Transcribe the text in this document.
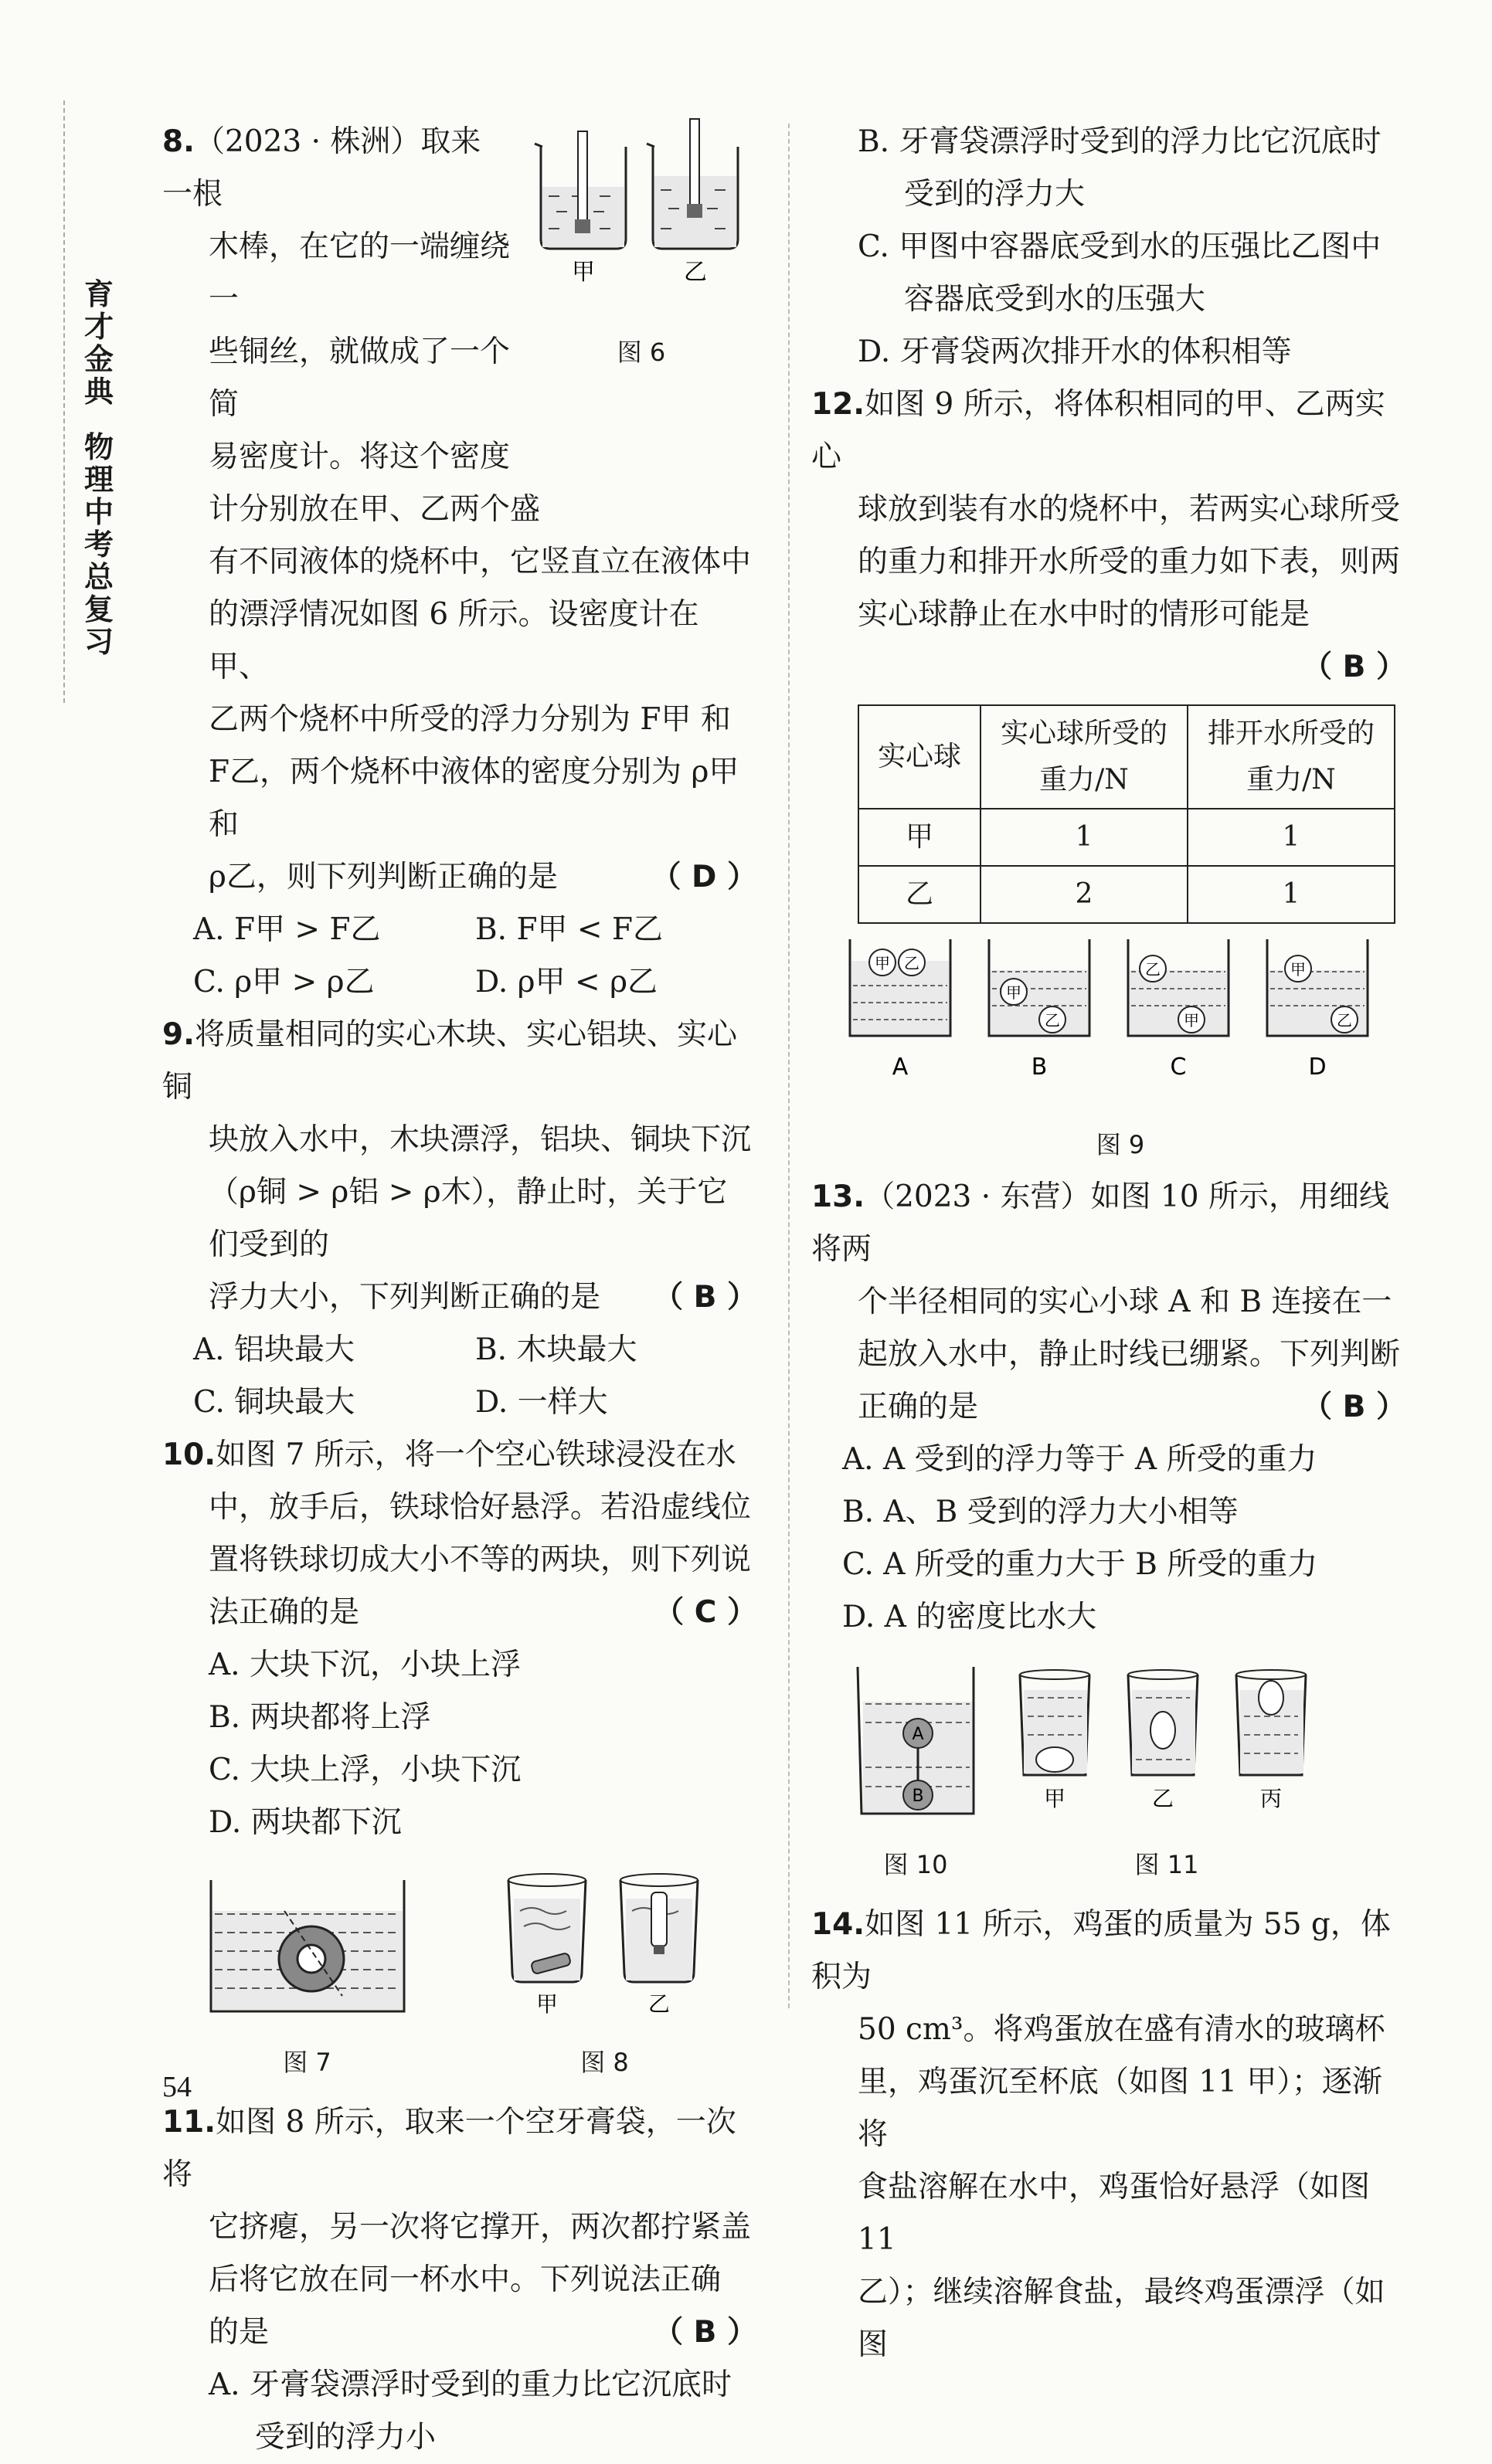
育
才
金
典
物
理
中
考
总
复
习
甲	乙
图 6
8.（2023 · 株洲）取来一根
木棒，在它的一端缠绕一
些铜丝，就做成了一个简
易密度计。将这个密度
计分别放在甲、乙两个盛
有不同液体的烧杯中，它竖直立在液体中
的漂浮情况如图 6 所示。设密度计在甲、
乙两个烧杯中所受的浮力分别为 F甲 和
F乙，两个烧杯中液体的密度分别为 ρ甲 和
ρ乙，则下列判断正确的是	（ D ）
A. F甲 > F乙	B. F甲 < F乙
C. ρ甲 > ρ乙	D. ρ甲 < ρ乙
9.将质量相同的实心木块、实心铝块、实心铜
块放入水中，木块漂浮，铝块、铜块下沉
（ρ铜 > ρ铝 > ρ木），静止时，关于它们受到的
浮力大小，下列判断正确的是 （ B ）
A. 铝块最大	B. 木块最大
C. 铜块最大	D. 一样大
10.如图 7 所示，将一个空心铁球浸没在水
中，放手后，铁球恰好悬浮。若沿虚线位
置将铁球切成大小不等的两块，则下列说
法正确的是	（ C ）
A. 大块下沉，小块上浮
B. 两块都将上浮
C. 大块上浮，小块下沉
D. 两块都下沉
图 7
甲	乙
图 8
11.如图 8 所示，取来一个空牙膏袋，一次将
它挤瘪，另一次将它撑开，两次都拧紧盖
后将它放在同一杯水中。下列说法正确
的是	（ B ）
A. 牙膏袋漂浮时受到的重力比它沉底时
受到的浮力小
B. 牙膏袋漂浮时受到的浮力比它沉底时
受到的浮力大
C. 甲图中容器底受到水的压强比乙图中
容器底受到水的压强大
D. 牙膏袋两次排开水的体积相等
12.如图 9 所示，将体积相同的甲、乙两实心
球放到装有水的烧杯中，若两实心球所受
的重力和排开水所受的重力如下表，则两
实心球静止在水中时的情形可能是
（ B ）
实心球	实心球所受的重力/N	排开水所受的重力/N
甲	1	1
乙	2	1
甲 乙
A
甲
乙
B
乙
甲
C
甲
乙
D
图 9
13.（2023 · 东营）如图 10 所示，用细线将两
个半径相同的实心小球 A 和 B 连接在一
起放入水中，静止时线已绷紧。下列判断
正确的是	（ B ）
A. A 受到的浮力等于 A 所受的重力
B. A、B 受到的浮力大小相等
C. A 所受的重力大于 B 所受的重力
D. A 的密度比水大
A
B
图 10
甲	乙	丙
图 11
14.如图 11 所示，鸡蛋的质量为 55 g，体积为
50 cm³。将鸡蛋放在盛有清水的玻璃杯
里，鸡蛋沉至杯底（如图 11 甲）；逐渐将
食盐溶解在水中，鸡蛋恰好悬浮（如图 11
乙）；继续溶解食盐，最终鸡蛋漂浮（如图
54
